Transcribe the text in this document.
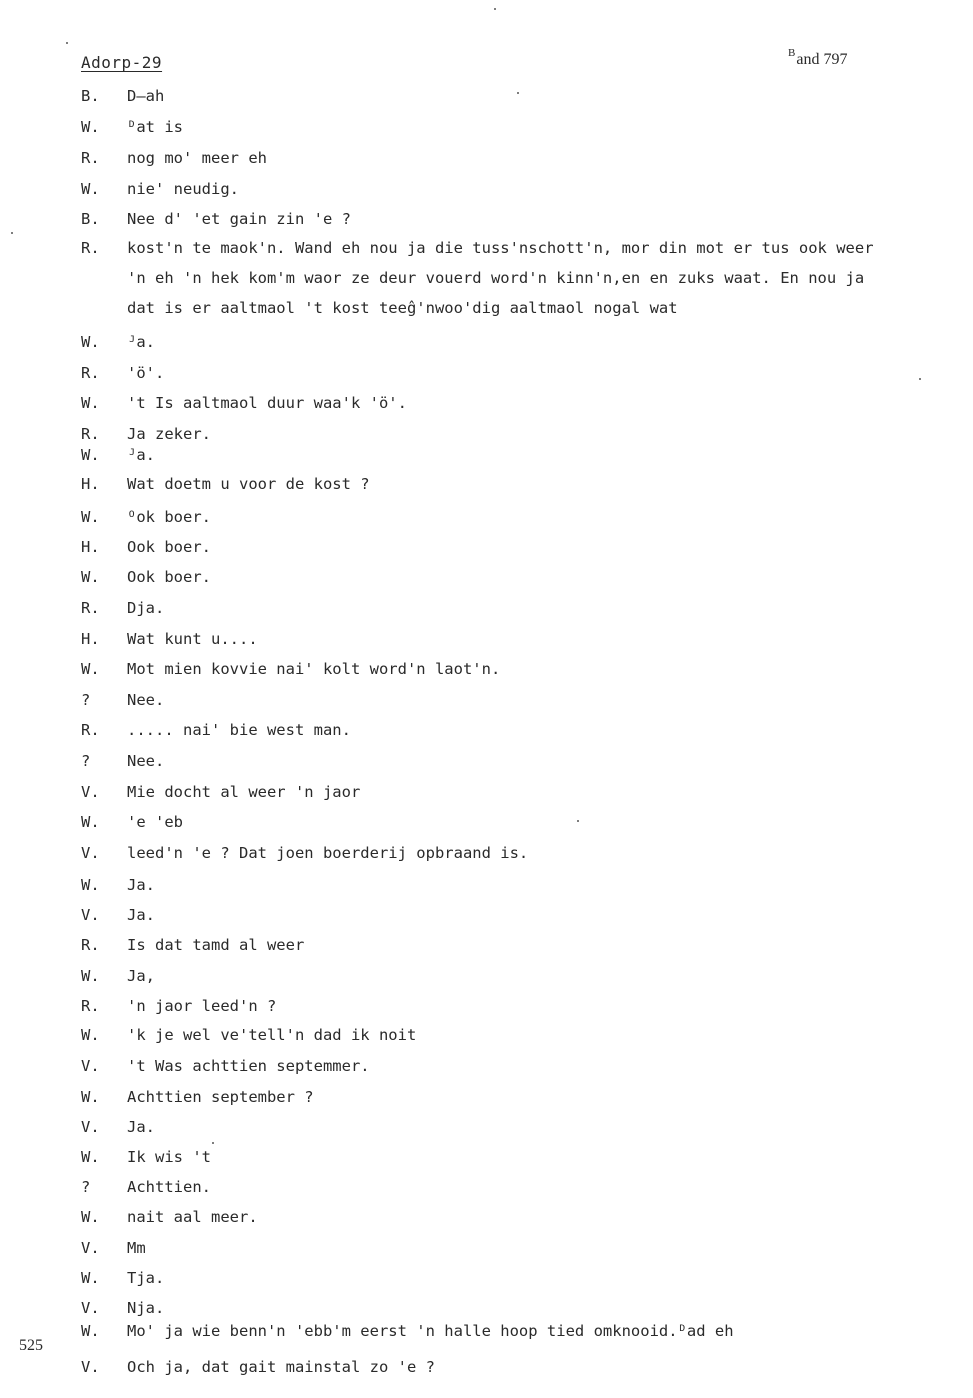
Adorp-29	$^B$and 797
B.	D—ah
W.	ᴰat is
R.	nog mo' meer eh
W.	nie' neudig.
B.	Nee d' 'et gain zin 'e ?
R.	kost'n te maok'n. Wand eh nou ja die tuss'nschott'n, mor din mot er tus ook weer
'n eh 'n hek kom'm waor ze deur vouerd word'n kinn'n,en en zuks waat. En nou ja
dat is er aaltmaol 't kost teeĝ'nwoo'dig aaltmaol nogal wat
W.	ᴶa.
R.	'ö'.
W.	't Is aaltmaol duur waa'k 'ö'.
R.	Ja zeker.
W.	ᴶa.
H.	Wat doetm u voor de kost ?
W.	ᴼok boer.
H.	Ook boer.
W.	Ook boer.
R.	Dja.
H.	Wat kunt u....
W.	Mot mien kovvie nai' kolt word'n laot'n.
?	Nee.
R.	..... nai' bie west man.
?	Nee.
V.	Mie docht al weer 'n jaor
W.	'e 'eb
V.	leed'n 'e ? Dat joen boerderij opbraand is.
W.	Ja.
V.	Ja.
R.	Is dat tamd al weer
W.	Ja,
R.	'n jaor leed'n ?
W.	'k je wel ve'tell'n dad ik noit
V.	't Was achttien septemmer.
W.	Achttien september ?
V.	Ja.
W.	Ik wis 't
?	Achttien.
W.	nait aal meer.
V.	Mm
W.	Tja.
V.	Nja.
W.	Mo' ja wie benn'n 'ebb'm eerst 'n halle hoop tied omknooid.ᴰad eh
V.	Och ja, dat gait mainstal zo 'e ?
525
